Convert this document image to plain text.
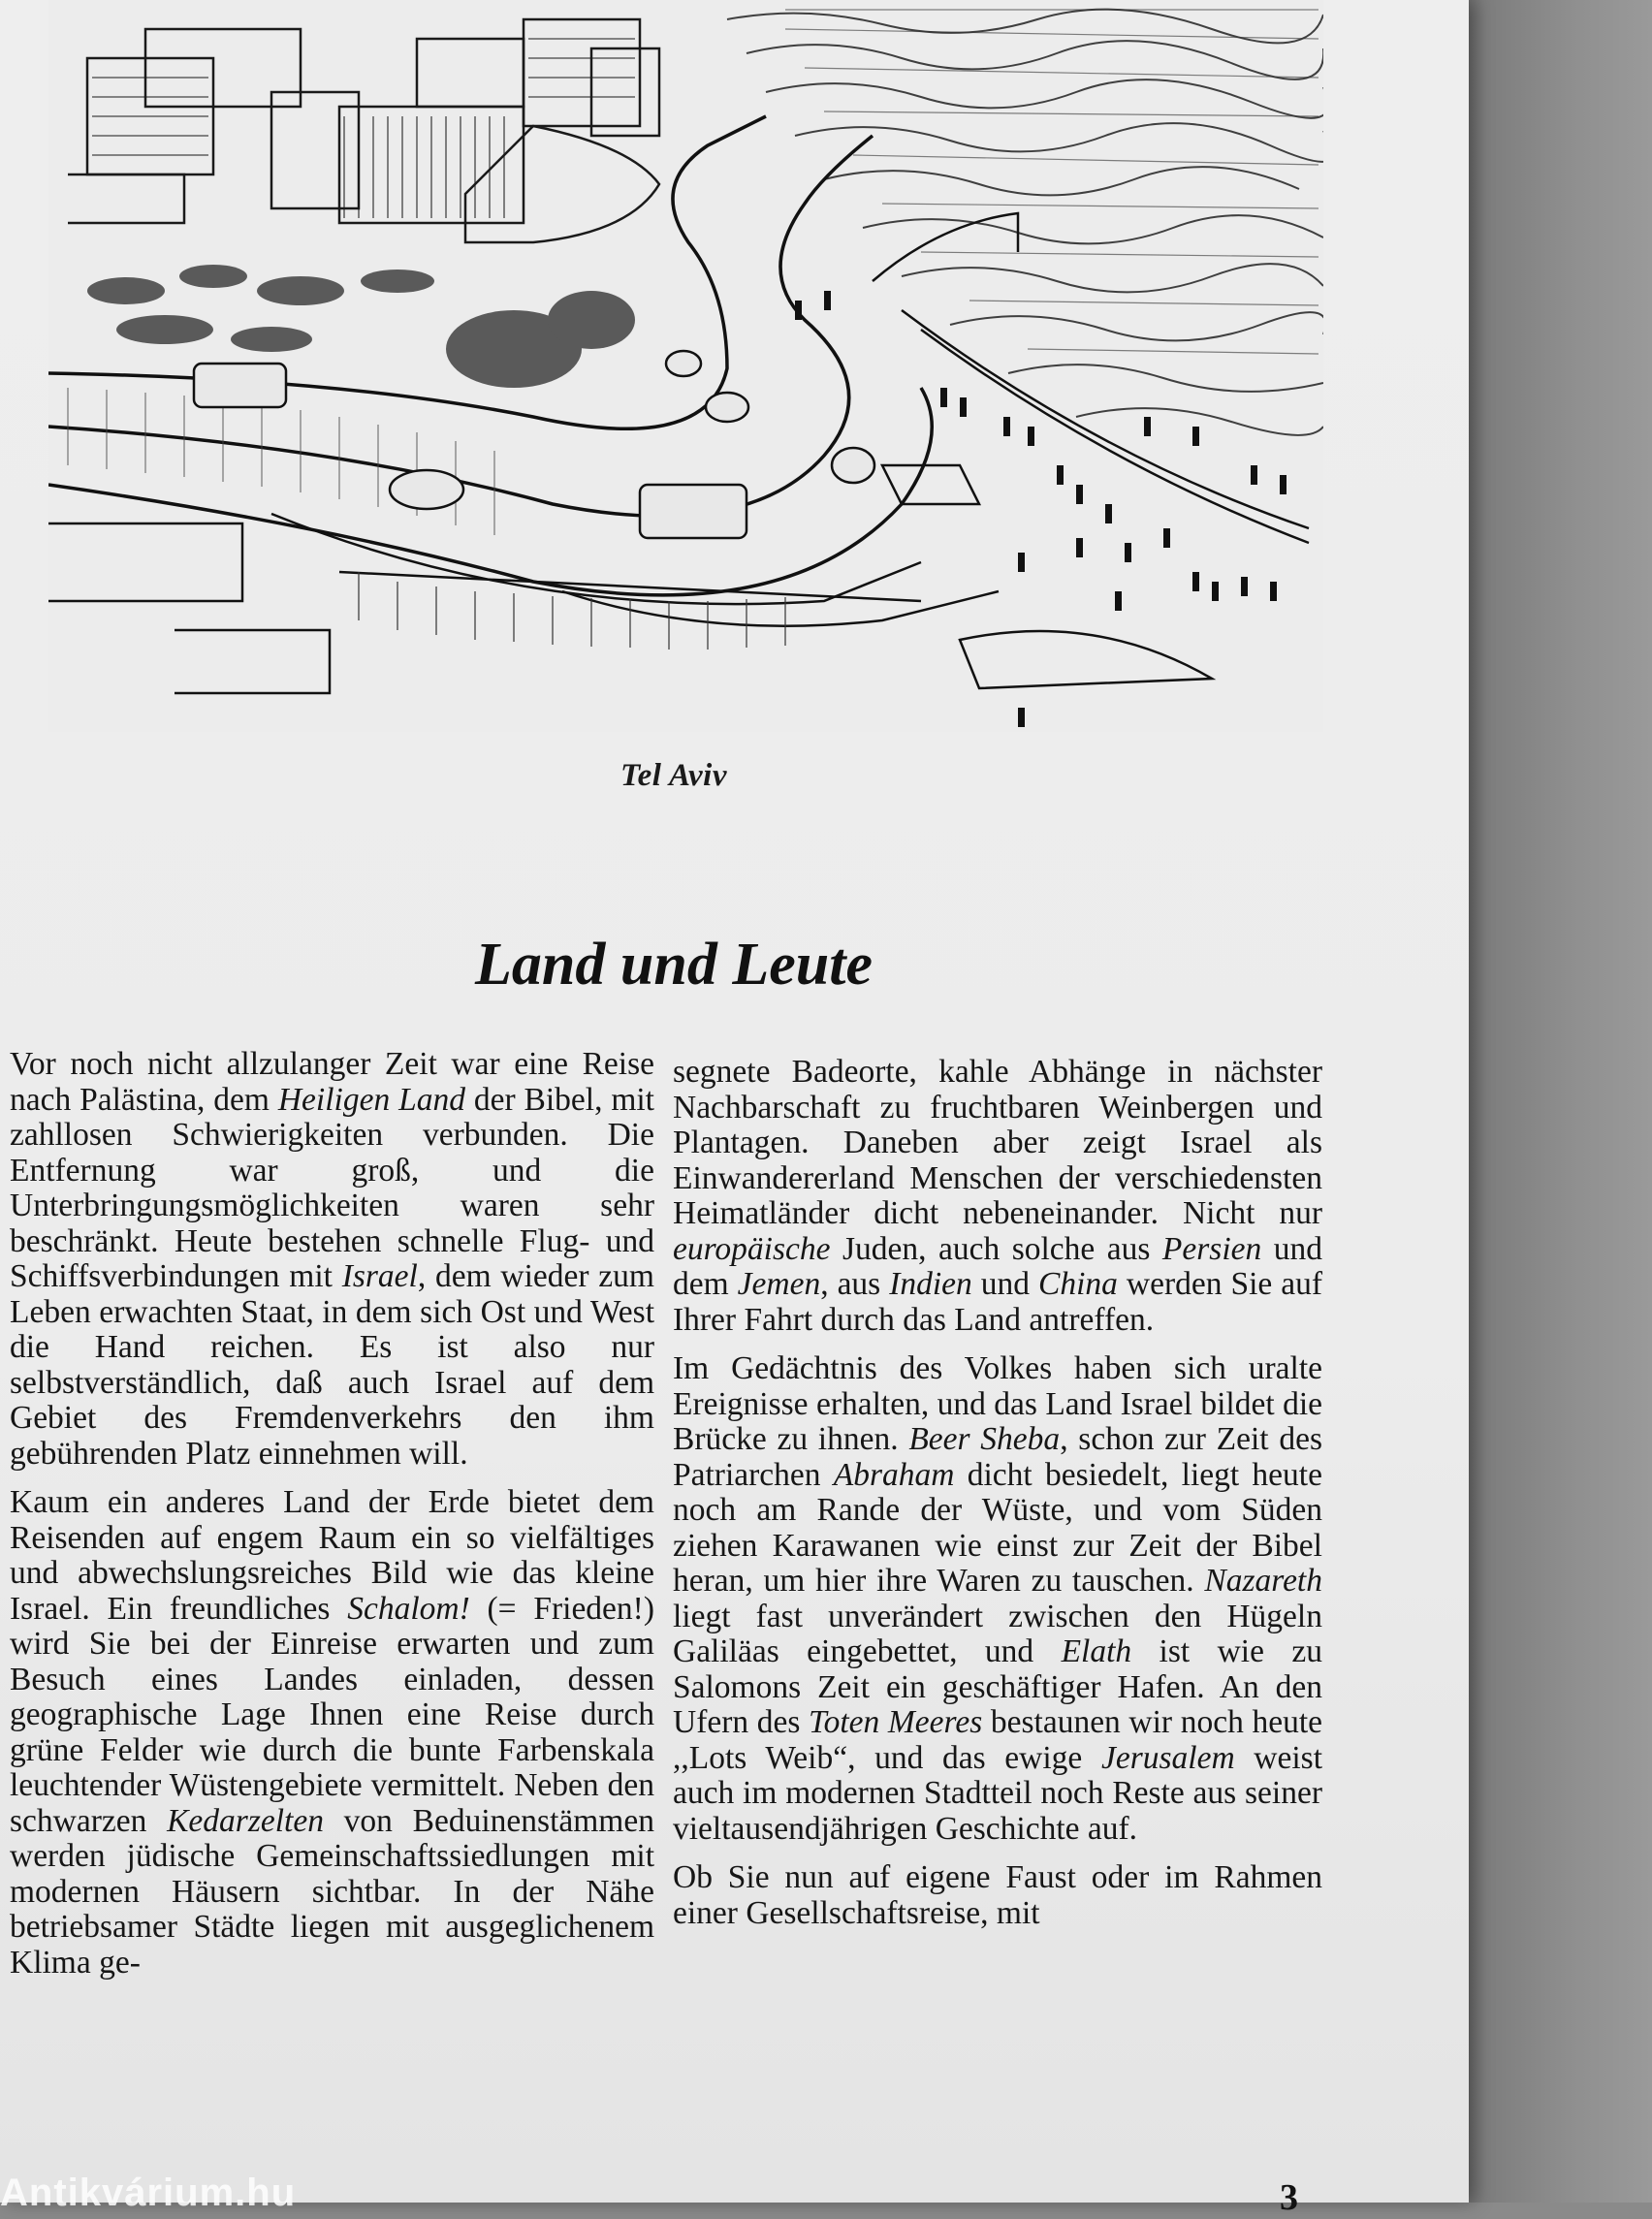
Tel Aviv
Land und Leute

Vor noch nicht allzulanger Zeit war eine Reise nach Palästina, dem Heiligen Land der Bibel, mit zahllosen Schwierigkeiten verbunden. Die Entfernung war groß, und die Unterbringungsmöglichkeiten waren sehr beschränkt. Heute bestehen schnelle Flug- und Schiffsverbindungen mit Israel, dem wieder zum Leben erwachten Staat, in dem sich Ost und West die Hand reichen. Es ist also nur selbstverständlich, daß auch Israel auf dem Gebiet des Fremdenverkehrs den ihm gebührenden Platz einnehmen will.

Kaum ein anderes Land der Erde bietet dem Reisenden auf engem Raum ein so vielfältiges und abwechslungsreiches Bild wie das kleine Israel. Ein freundliches Schalom! (= Frieden!) wird Sie bei der Einreise erwarten und zum Besuch eines Landes einladen, dessen geographische Lage Ihnen eine Reise durch grüne Felder wie durch die bunte Farbenskala leuchtender Wüstengebiete vermittelt. Neben den schwarzen Kedarzelten von Beduinenstämmen werden jüdische Gemeinschaftssiedlungen mit modernen Häusern sichtbar. In der Nähe betriebsamer Städte liegen mit ausgeglichenem Klima ge-

segnete Badeorte, kahle Abhänge in nächster Nachbarschaft zu fruchtbaren Weinbergen und Plantagen. Daneben aber zeigt Israel als Einwandererland Menschen der verschiedensten Heimatländer dicht nebeneinander. Nicht nur europäische Juden, auch solche aus Persien und dem Jemen, aus Indien und China werden Sie auf Ihrer Fahrt durch das Land antreffen.

Im Gedächtnis des Volkes haben sich uralte Ereignisse erhalten, und das Land Israel bildet die Brücke zu ihnen. Beer Sheba, schon zur Zeit des Patriarchen Abraham dicht besiedelt, liegt heute noch am Rande der Wüste, und vom Süden ziehen Karawanen wie einst zur Zeit der Bibel heran, um hier ihre Waren zu tauschen. Nazareth liegt fast unverändert zwischen den Hügeln Galiläas eingebettet, und Elath ist wie zu Salomons Zeit ein geschäftiger Hafen. An den Ufern des Toten Meeres bestaunen wir noch heute ,,Lots Weib“, und das ewige Jerusalem weist auch im modernen Stadtteil noch Reste aus seiner vieltausendjährigen Geschichte auf.

Ob Sie nun auf eigene Faust oder im Rahmen einer Gesellschaftsreise, mit

3
Antikvárium.hu
